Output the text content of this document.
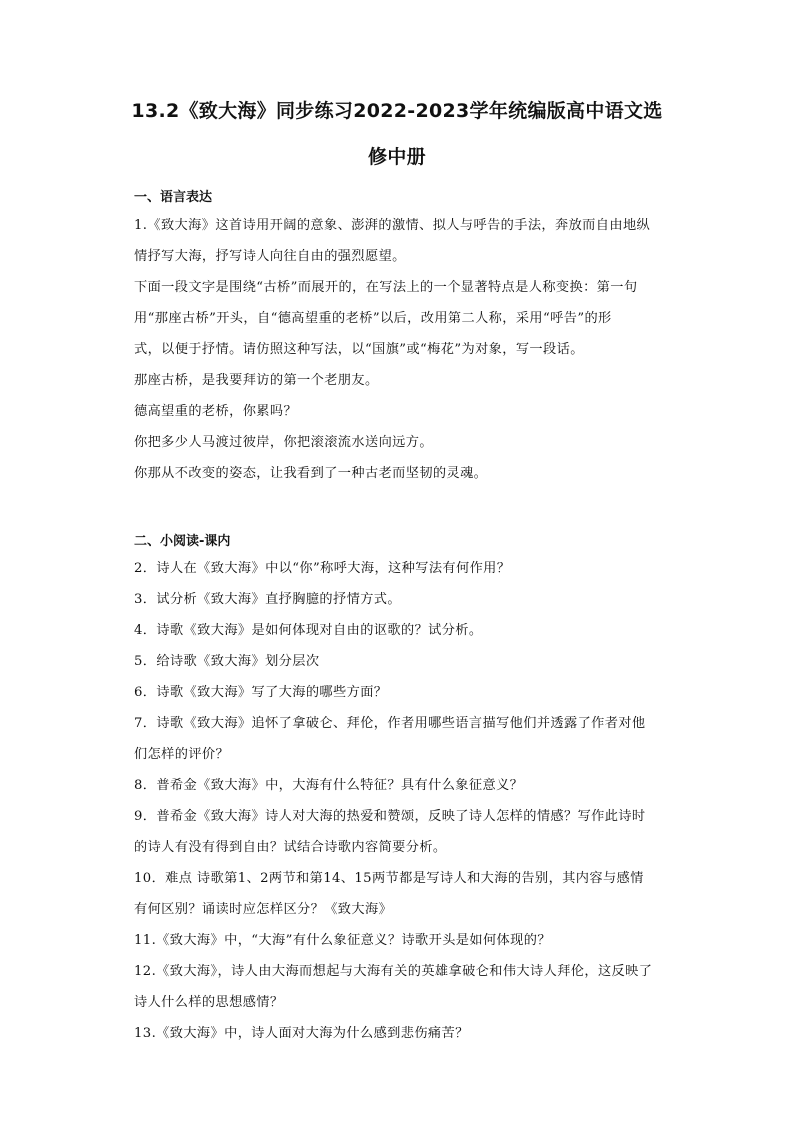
13.2《致大海》同步练习2022-2023学年统编版高中语文选
修中册
一、语言表达
1.《致大海》这首诗用开阔的意象、澎湃的激情、拟人与呼告的手法，奔放而自由地纵
情抒写大海，抒写诗人向往自由的强烈愿望。
下面一段文字是围绕“古桥”而展开的，在写法上的一个显著特点是人称变换：第一句
用“那座古桥”开头，自“德高望重的老桥”以后，改用第二人称，采用“呼告”的形
式，以便于抒情。请仿照这种写法，以“国旗”或“梅花”为对象，写一段话。
那座古桥，是我要拜访的第一个老朋友。
德高望重的老桥，你累吗？
你把多少人马渡过彼岸，你把滚滚流水送向远方。
你那从不改变的姿态，让我看到了一种古老而坚韧的灵魂。
二、小阅读-课内
2．诗人在《致大海》中以“你”称呼大海，这种写法有何作用？
3．试分析《致大海》直抒胸臆的抒情方式。
4．诗歌《致大海》是如何体现对自由的讴歌的？试分析。
5．给诗歌《致大海》划分层次
6．诗歌《致大海》写了大海的哪些方面？
7．诗歌《致大海》追怀了拿破仑、拜伦，作者用哪些语言描写他们并透露了作者对他
们怎样的评价？
8．普希金《致大海》中，大海有什么特征？具有什么象征意义？
9．普希金《致大海》诗人对大海的热爱和赞颂，反映了诗人怎样的情感？写作此诗时
的诗人有没有得到自由？试结合诗歌内容简要分析。
10．难点 诗歌第1、2两节和第14、15两节都是写诗人和大海的告别，其内容与感情
有何区别？诵读时应怎样区分？《致大海》
11.《致大海》中，“大海”有什么象征意义？诗歌开头是如何体现的？
12.《致大海》，诗人由大海而想起与大海有关的英雄拿破仑和伟大诗人拜伦，这反映了
诗人什么样的思想感情？
13.《致大海》中，诗人面对大海为什么感到悲伤痛苦？
